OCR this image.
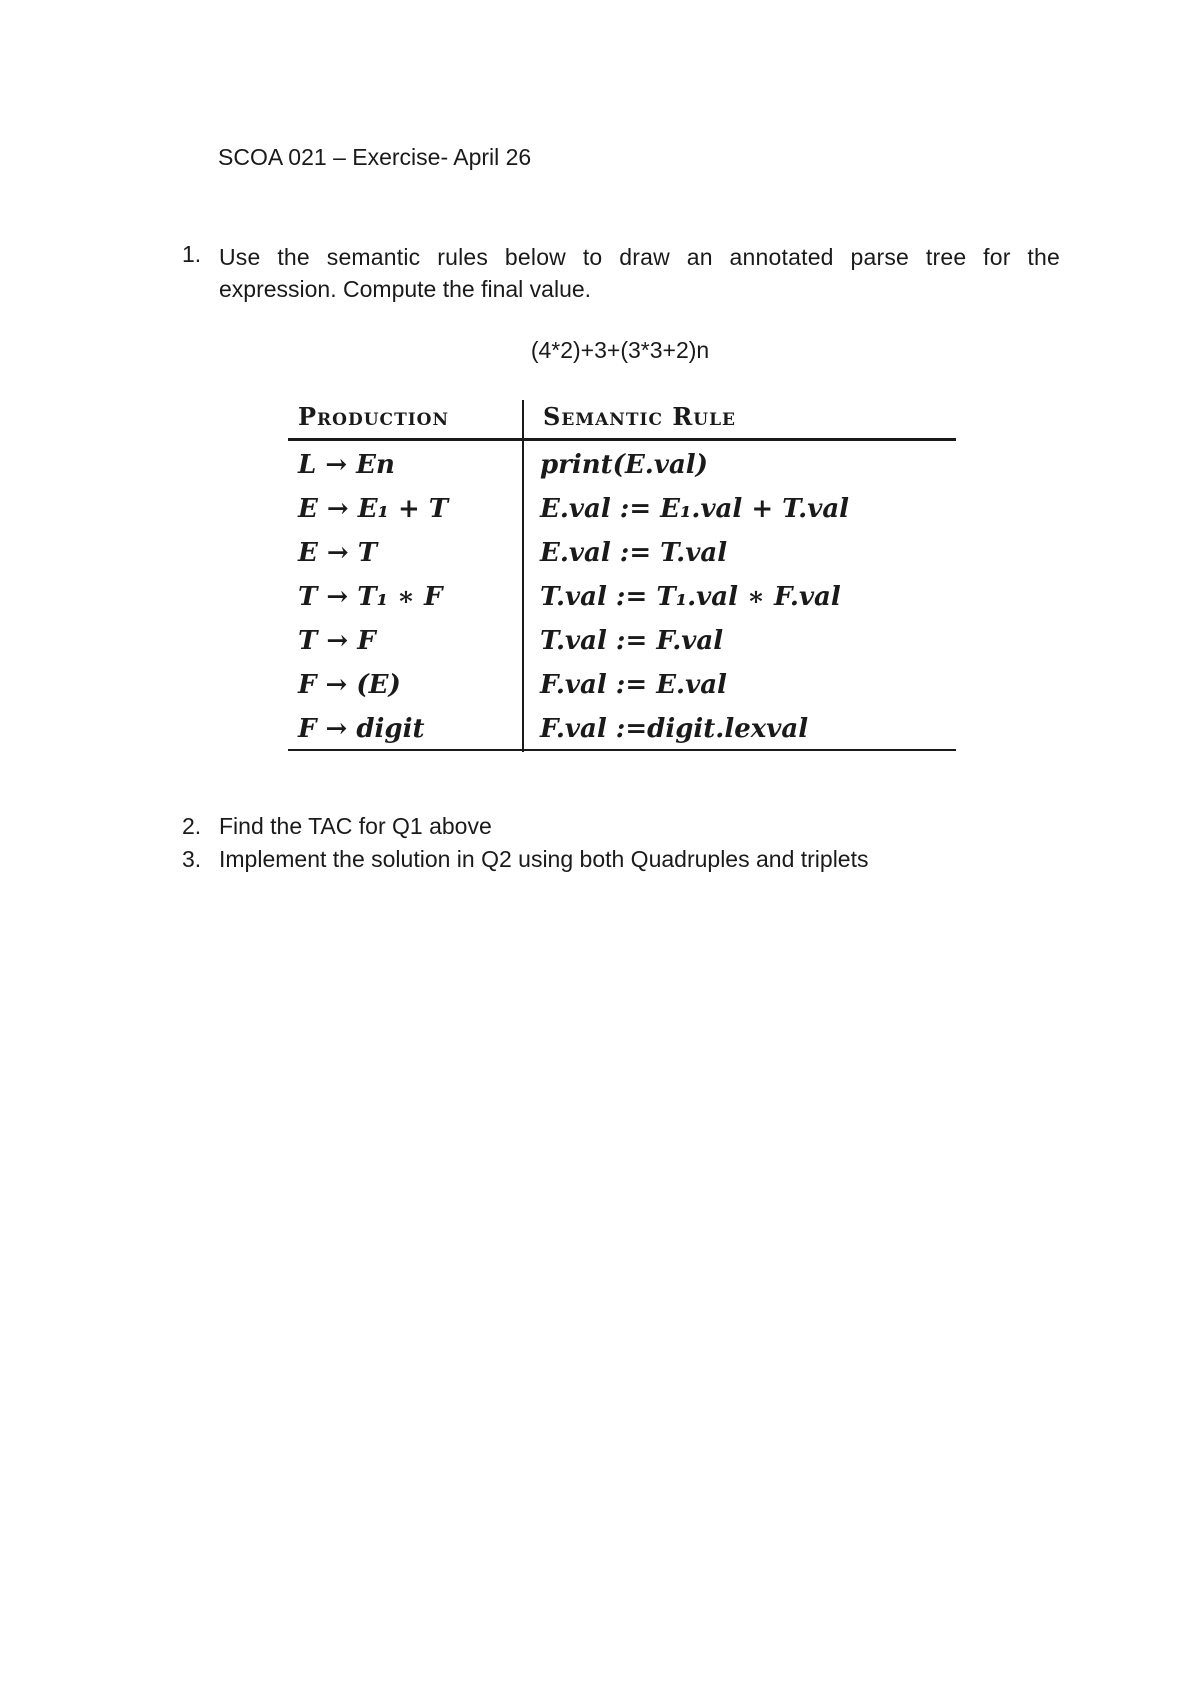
SCOA 021 – Exercise- April 26
1. Use the semantic rules below to draw an annotated parse tree for the
expression. Compute the final value.
(4*2)+3+(3*3+2)n
Production	Semantic Rule
L → En	print(E.val)
E → E₁ + T	E.val := E₁.val + T.val
E → T	E.val := T.val
T → T₁ ∗ F	T.val := T₁.val ∗ F.val
T → F	T.val := F.val
F → (E)	F.val := E.val
F → digit	F.val :=digit.lexval
2. Find the TAC for Q1 above
3. Implement the solution in Q2 using both Quadruples and triplets
